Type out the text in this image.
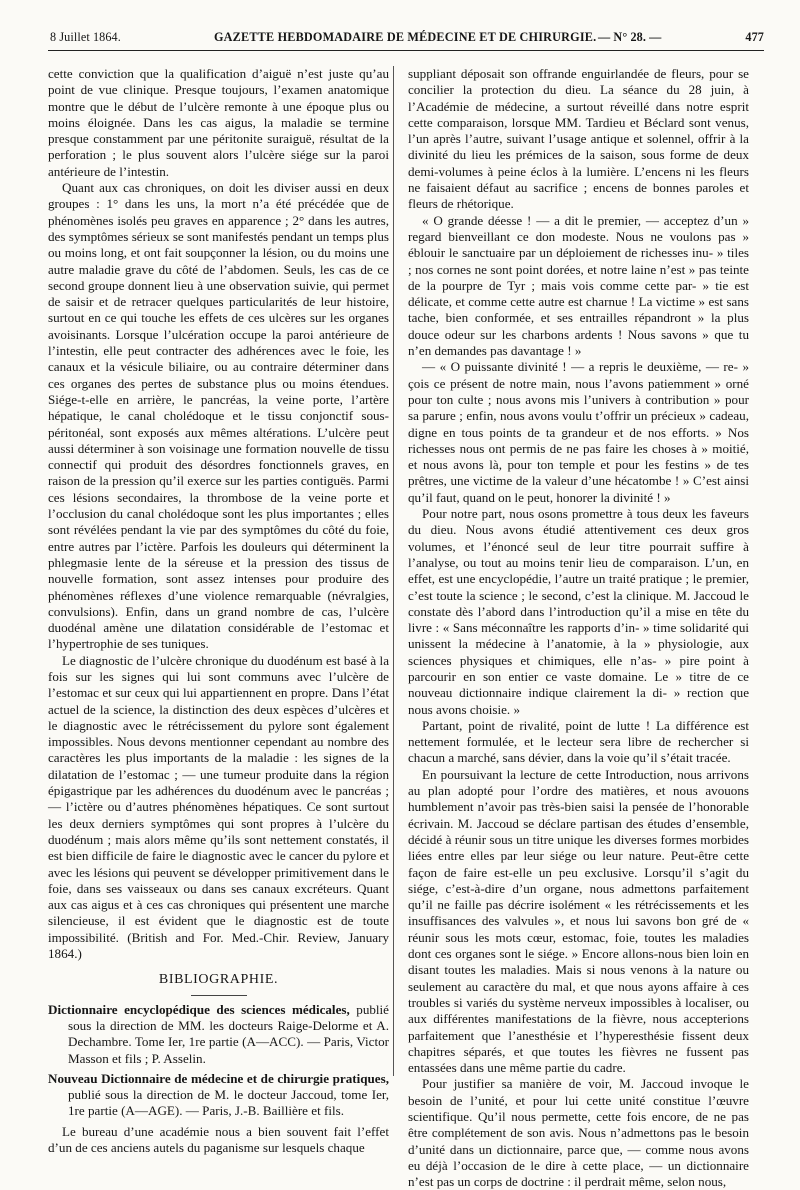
8 Juillet 1864.	GAZETTE HEBDOMADAIRE DE MÉDECINE ET DE CHIRURGIE. — N° 28. —	477

cette conviction que la qualification d’aiguë n’est juste qu’au point de vue clinique. Presque toujours, l’examen anatomique montre que le début de l’ulcère remonte à une époque plus ou moins éloignée. Dans les cas aigus, la maladie se termine presque constamment par une péritonite suraiguë, résultat de la perforation ; le plus souvent alors l’ulcère siége sur la paroi antérieure de l’intestin.

Quant aux cas chroniques, on doit les diviser aussi en deux groupes : 1° dans les uns, la mort n’a été précédée que de phénomènes isolés peu graves en apparence ; 2° dans les autres, des symptômes sérieux se sont manifestés pendant un temps plus ou moins long, et ont fait soupçonner la lésion, ou du moins une autre maladie grave du côté de l’abdomen. Seuls, les cas de ce second groupe donnent lieu à une observation suivie, qui permet de saisir et de retracer quelques particularités de leur histoire, surtout en ce qui touche les effets de ces ulcères sur les organes avoisinants. Lorsque l’ulcération occupe la paroi antérieure de l’intestin, elle peut contracter des adhérences avec le foie, les canaux et la vésicule biliaire, ou au contraire déterminer dans ces organes des pertes de substance plus ou moins étendues. Siége-t-elle en arrière, le pancréas, la veine porte, l’artère hépatique, le canal cholédoque et le tissu conjonctif sous-péritonéal, sont exposés aux mêmes altérations. L’ulcère peut aussi déterminer à son voisinage une formation nouvelle de tissu connectif qui produit des désordres fonctionnels graves, en raison de la pression qu’il exerce sur les parties contiguës. Parmi ces lésions secondaires, la thrombose de la veine porte et l’occlusion du canal cholédoque sont les plus importantes ; elles sont révélées pendant la vie par des symptômes du côté du foie, entre autres par l’ictère. Parfois les douleurs qui déterminent la phlegmasie lente de la séreuse et la pression des tissus de nouvelle formation, sont assez intenses pour produire des phénomènes réflexes d’une violence remarquable (névralgies, convulsions). Enfin, dans un grand nombre de cas, l’ulcère duodénal amène une dilatation considérable de l’estomac et l’hypertrophie de ses tuniques.

Le diagnostic de l’ulcère chronique du duodénum est basé à la fois sur les signes qui lui sont communs avec l’ulcère de l’estomac et sur ceux qui lui appartiennent en propre. Dans l’état actuel de la science, la distinction des deux espèces d’ulcères et le diagnostic avec le rétrécissement du pylore sont également impossibles. Nous devons mentionner cependant au nombre des caractères les plus importants de la maladie : les signes de la dilatation de l’estomac ; — une tumeur produite dans la région épigastrique par les adhérences du duodénum avec le pancréas ; — l’ictère ou d’autres phénomènes hépatiques. Ce sont surtout les deux derniers symptômes qui sont propres à l’ulcère du duodénum ; mais alors même qu’ils sont nettement constatés, il est bien difficile de faire le diagnostic avec le cancer du pylore et avec les lésions qui peuvent se développer primitivement dans le foie, dans ses vaisseaux ou dans ses canaux excréteurs. Quant aux cas aigus et à ces cas chroniques qui présentent une marche silencieuse, il est évident que le diagnostic est de toute impossibilité. (British and For. Med.-Chir. Review, January 1864.)

BIBLIOGRAPHIE.

Dictionnaire encyclopédique des sciences médicales, publié sous la direction de MM. les docteurs Raige-Delorme et A. Dechambre. Tome Ier, 1re partie (A—ACC). — Paris, Victor Masson et fils ; P. Asselin.

Nouveau Dictionnaire de médecine et de chirurgie pratiques, publié sous la direction de M. le docteur Jaccoud, tome Ier, 1re partie (A—AGE). — Paris, J.-B. Baillière et fils.

Le bureau d’une académie nous a bien souvent fait l’effet d’un de ces anciens autels du paganisme sur lesquels chaque

suppliant déposait son offrande enguirlandée de fleurs, pour se concilier la protection du dieu. La séance du 28 juin, à l’Académie de médecine, a surtout réveillé dans notre esprit cette comparaison, lorsque MM. Tardieu et Béclard sont venus, l’un après l’autre, suivant l’usage antique et solennel, offrir à la divinité du lieu les prémices de la saison, sous forme de deux demi-volumes à peine éclos à la lumière. L’encens ni les fleurs ne faisaient défaut au sacrifice ; encens de bonnes paroles et fleurs de rhétorique.

« O grande déesse ! — a dit le premier, — acceptez d’un » regard bienveillant ce don modeste. Nous ne voulons pas » éblouir le sanctuaire par un déploiement de richesses inu- » tiles ; nos cornes ne sont point dorées, et notre laine n’est » pas teinte de la pourpre de Tyr ; mais vois comme cette par- » tie est délicate, et comme cette autre est charnue ! La victime » est sans tache, bien conformée, et ses entrailles répandront » la plus douce odeur sur les charbons ardents ! Nous savons » que tu n’en demandes pas davantage ! »

— « O puissante divinité ! — a repris le deuxième, — re- » çois ce présent de notre main, nous l’avons patiemment » orné pour ton culte ; nous avons mis l’univers à contribution » pour sa parure ; enfin, nous avons voulu t’offrir un précieux » cadeau, digne en tous points de ta grandeur et de nos efforts. » Nos richesses nous ont permis de ne pas faire les choses à » moitié, et nous avons là, pour ton temple et pour les festins » de tes prêtres, une victime de la valeur d’une hécatombe ! » C’est ainsi qu’il faut, quand on le peut, honorer la divinité ! »

Pour notre part, nous osons promettre à tous deux les faveurs du dieu. Nous avons étudié attentivement ces deux gros volumes, et l’énoncé seul de leur titre pourrait suffire à l’analyse, ou tout au moins tenir lieu de comparaison. L’un, en effet, est une encyclopédie, l’autre un traité pratique ; le premier, c’est toute la science ; le second, c’est la clinique. M. Jaccoud le constate dès l’abord dans l’introduction qu’il a mise en tête du livre : « Sans méconnaître les rapports d’in- » time solidarité qui unissent la médecine à l’anatomie, à la » physiologie, aux sciences physiques et chimiques, elle n’as- » pire point à parcourir en son entier ce vaste domaine. Le » titre de ce nouveau dictionnaire indique clairement la di- » rection que nous avons choisie. »

Partant, point de rivalité, point de lutte ! La différence est nettement formulée, et le lecteur sera libre de rechercher si chacun a marché, sans dévier, dans la voie qu’il s’était tracée.

En poursuivant la lecture de cette Introduction, nous arrivons au plan adopté pour l’ordre des matières, et nous avouons humblement n’avoir pas très-bien saisi la pensée de l’honorable écrivain. M. Jaccoud se déclare partisan des études d’ensemble, décidé à réunir sous un titre unique les diverses formes morbides liées entre elles par leur siége ou leur nature. Peut-être cette façon de faire est-elle un peu exclusive. Lorsqu’il s’agit du siége, c’est-à-dire d’un organe, nous admettons parfaitement qu’il ne faille pas décrire isolément « les rétrécissements et les insuffisances des valvules », et nous lui savons bon gré de « réunir sous les mots cœur, estomac, foie, toutes les maladies dont ces organes sont le siége. » Encore allons-nous bien loin en disant toutes les maladies. Mais si nous venons à la nature ou seulement au caractère du mal, et que nous ayons affaire à ces troubles si variés du système nerveux impossibles à localiser, ou aux différentes manifestations de la fièvre, nous accepterions parfaitement que l’anesthésie et l’hyperesthésie fissent deux chapitres séparés, et que toutes les fièvres ne fussent pas entassées dans une même partie du cadre.

Pour justifier sa manière de voir, M. Jaccoud invoque le besoin de l’unité, et pour lui cette unité constitue l’œuvre scientifique. Qu’il nous permette, cette fois encore, de ne pas être complétement de son avis. Nous n’admettons pas le besoin d’unité dans un dictionnaire, parce que, — comme nous avons eu déjà l’occasion de le dire à cette place, — un dictionnaire n’est pas un corps de doctrine : il perdrait même, selon nous,
